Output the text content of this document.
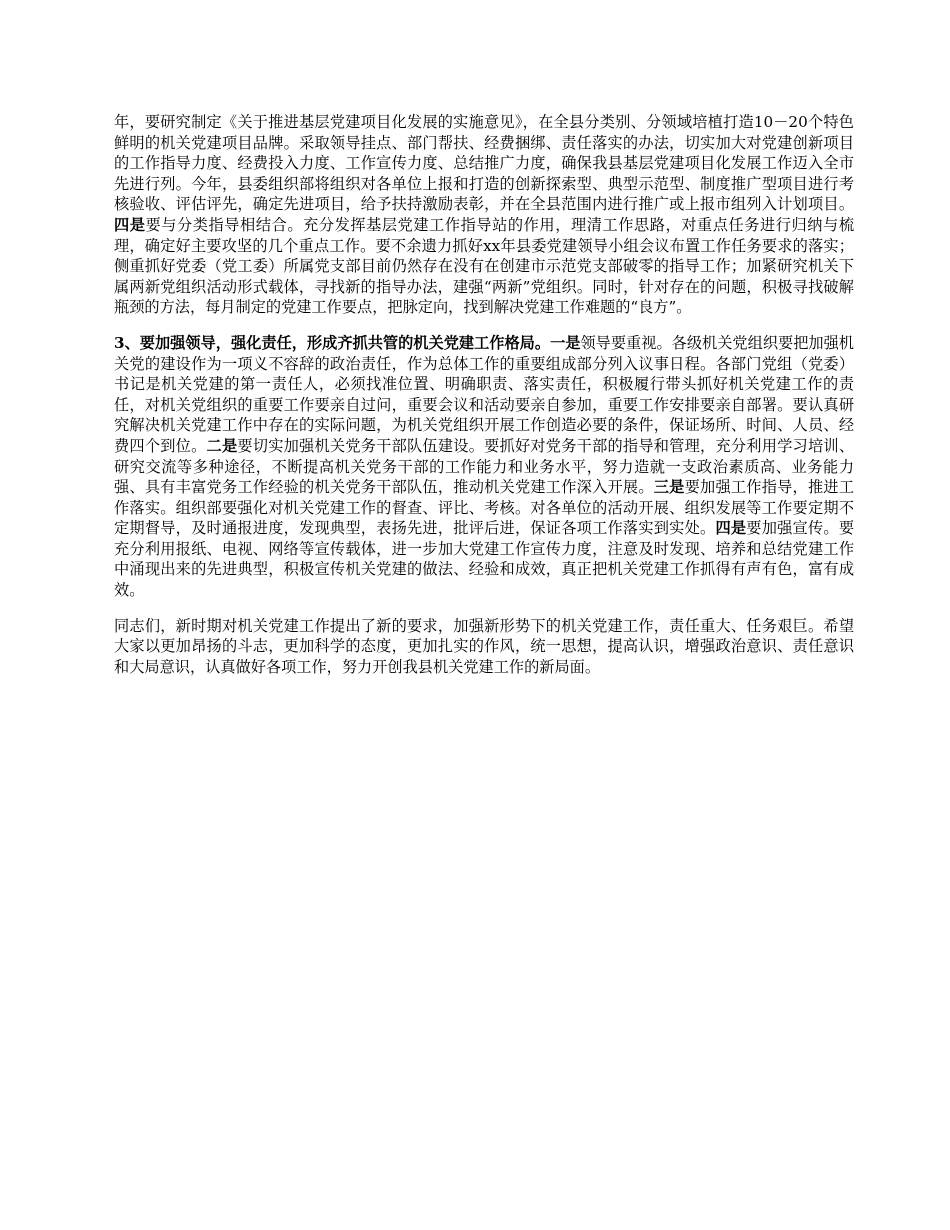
年，要研究制定《关于推进基层党建项目化发展的实施意见》，在全县分类别、分领域培植打造10－20个特色鲜明的机关党建项目品牌。采取领导挂点、部门帮扶、经费捆绑、责任落实的办法，切实加大对党建创新项目的工作指导力度、经费投入力度、工作宣传力度、总结推广力度，确保我县基层党建项目化发展工作迈入全市先进行列。今年，县委组织部将组织对各单位上报和打造的创新探索型、典型示范型、制度推广型项目进行考核验收、评估评先，确定先进项目，给予扶持激励表彰，并在全县范围内进行推广或上报市组列入计划项目。四是要与分类指导相结合。充分发挥基层党建工作指导站的作用，理清工作思路，对重点任务进行归纳与梳理，确定好主要攻坚的几个重点工作。要不余遗力抓好xx年县委党建领导小组会议布置工作任务要求的落实；侧重抓好党委（党工委）所属党支部目前仍然存在没有在创建市示范党支部破零的指导工作；加紧研究机关下属两新党组织活动形式载体，寻找新的指导办法，建强“两新”党组织。同时，针对存在的问题，积极寻找破解瓶颈的方法，每月制定的党建工作要点，把脉定向，找到解决党建工作难题的“良方”。

3、要加强领导，强化责任，形成齐抓共管的机关党建工作格局。一是领导要重视。各级机关党组织要把加强机关党的建设作为一项义不容辞的政治责任，作为总体工作的重要组成部分列入议事日程。各部门党组（党委）书记是机关党建的第一责任人，必须找准位置、明确职责、落实责任，积极履行带头抓好机关党建工作的责任，对机关党组织的重要工作要亲自过问，重要会议和活动要亲自参加，重要工作安排要亲自部署。要认真研究解决机关党建工作中存在的实际问题，为机关党组织开展工作创造必要的条件，保证场所、时间、人员、经费四个到位。二是要切实加强机关党务干部队伍建设。要抓好对党务干部的指导和管理，充分利用学习培训、研究交流等多种途径，不断提高机关党务干部的工作能力和业务水平，努力造就一支政治素质高、业务能力强、具有丰富党务工作经验的机关党务干部队伍，推动机关党建工作深入开展。三是要加强工作指导，推进工作落实。组织部要强化对机关党建工作的督查、评比、考核。对各单位的活动开展、组织发展等工作要定期不定期督导，及时通报进度，发现典型，表扬先进，批评后进，保证各项工作落实到实处。四是要加强宣传。要充分利用报纸、电视、网络等宣传载体，进一步加大党建工作宣传力度，注意及时发现、培养和总结党建工作中涌现出来的先进典型，积极宣传机关党建的做法、经验和成效，真正把机关党建工作抓得有声有色，富有成效。

同志们，新时期对机关党建工作提出了新的要求，加强新形势下的机关党建工作，责任重大、任务艰巨。希望大家以更加昂扬的斗志，更加科学的态度，更加扎实的作风，统一思想，提高认识，增强政治意识、责任意识和大局意识，认真做好各项工作，努力开创我县机关党建工作的新局面。
